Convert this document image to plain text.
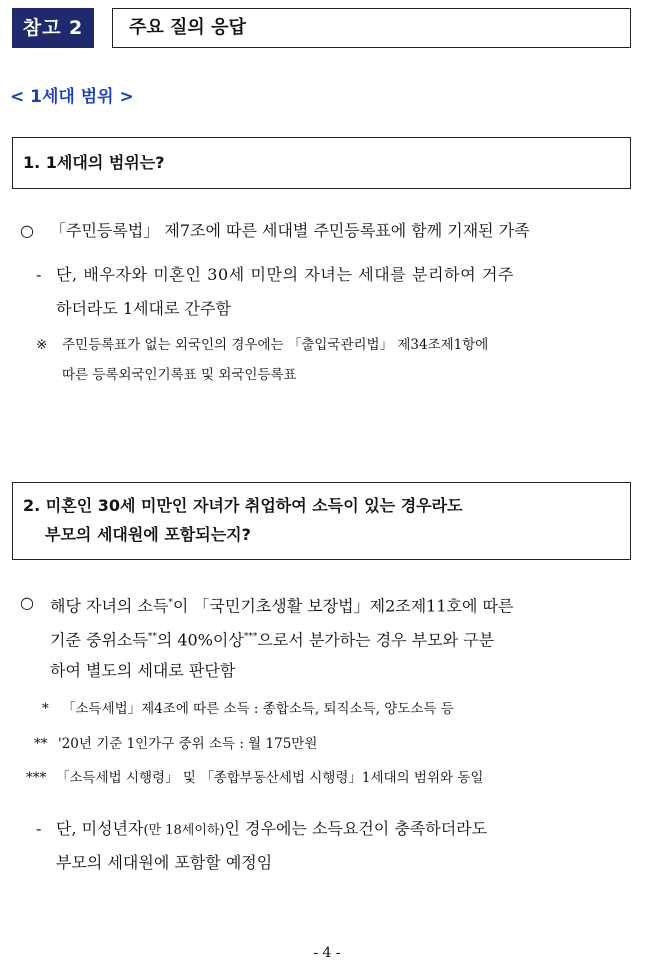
참고 2	주요 질의 응답
< 1세대 범위 >
1. 1세대의 범위는?
○ 「주민등록법」 제7조에 따른 세대별 주민등록표에 함께 기재된 가족
- 단, 배우자와 미혼인 30세 미만의 자녀는 세대를 분리하여 거주
하더라도 1세대로 간주함
※ 주민등록표가 없는 외국인의 경우에는 「출입국관리법」 제34조제1항에
따른 등록외국인기록표 및 외국인등록표
2. 미혼인 30세 미만인 자녀가 취업하여 소득이 있는 경우라도
부모의 세대원에 포함되는지?
○ 해당 자녀의 소득*이 「국민기초생활 보장법」제2조제11호에 따른
기준 중위소득**의 40%이상***으로서 분가하는 경우 부모와 구분
하여 별도의 세대로 판단함
* 「소득세법」제4조에 따른 소득 : 종합소득, 퇴직소득, 양도소득 등
** '20년 기준 1인가구 중위 소득 : 월 175만원
*** 「소득세법 시행령」 및 「종합부동산세법 시행령」1세대의 범위와 동일
- 단, 미성년자(만 18세이하)인 경우에는 소득요건이 충족하더라도
부모의 세대원에 포함할 예정임
- 4 -
